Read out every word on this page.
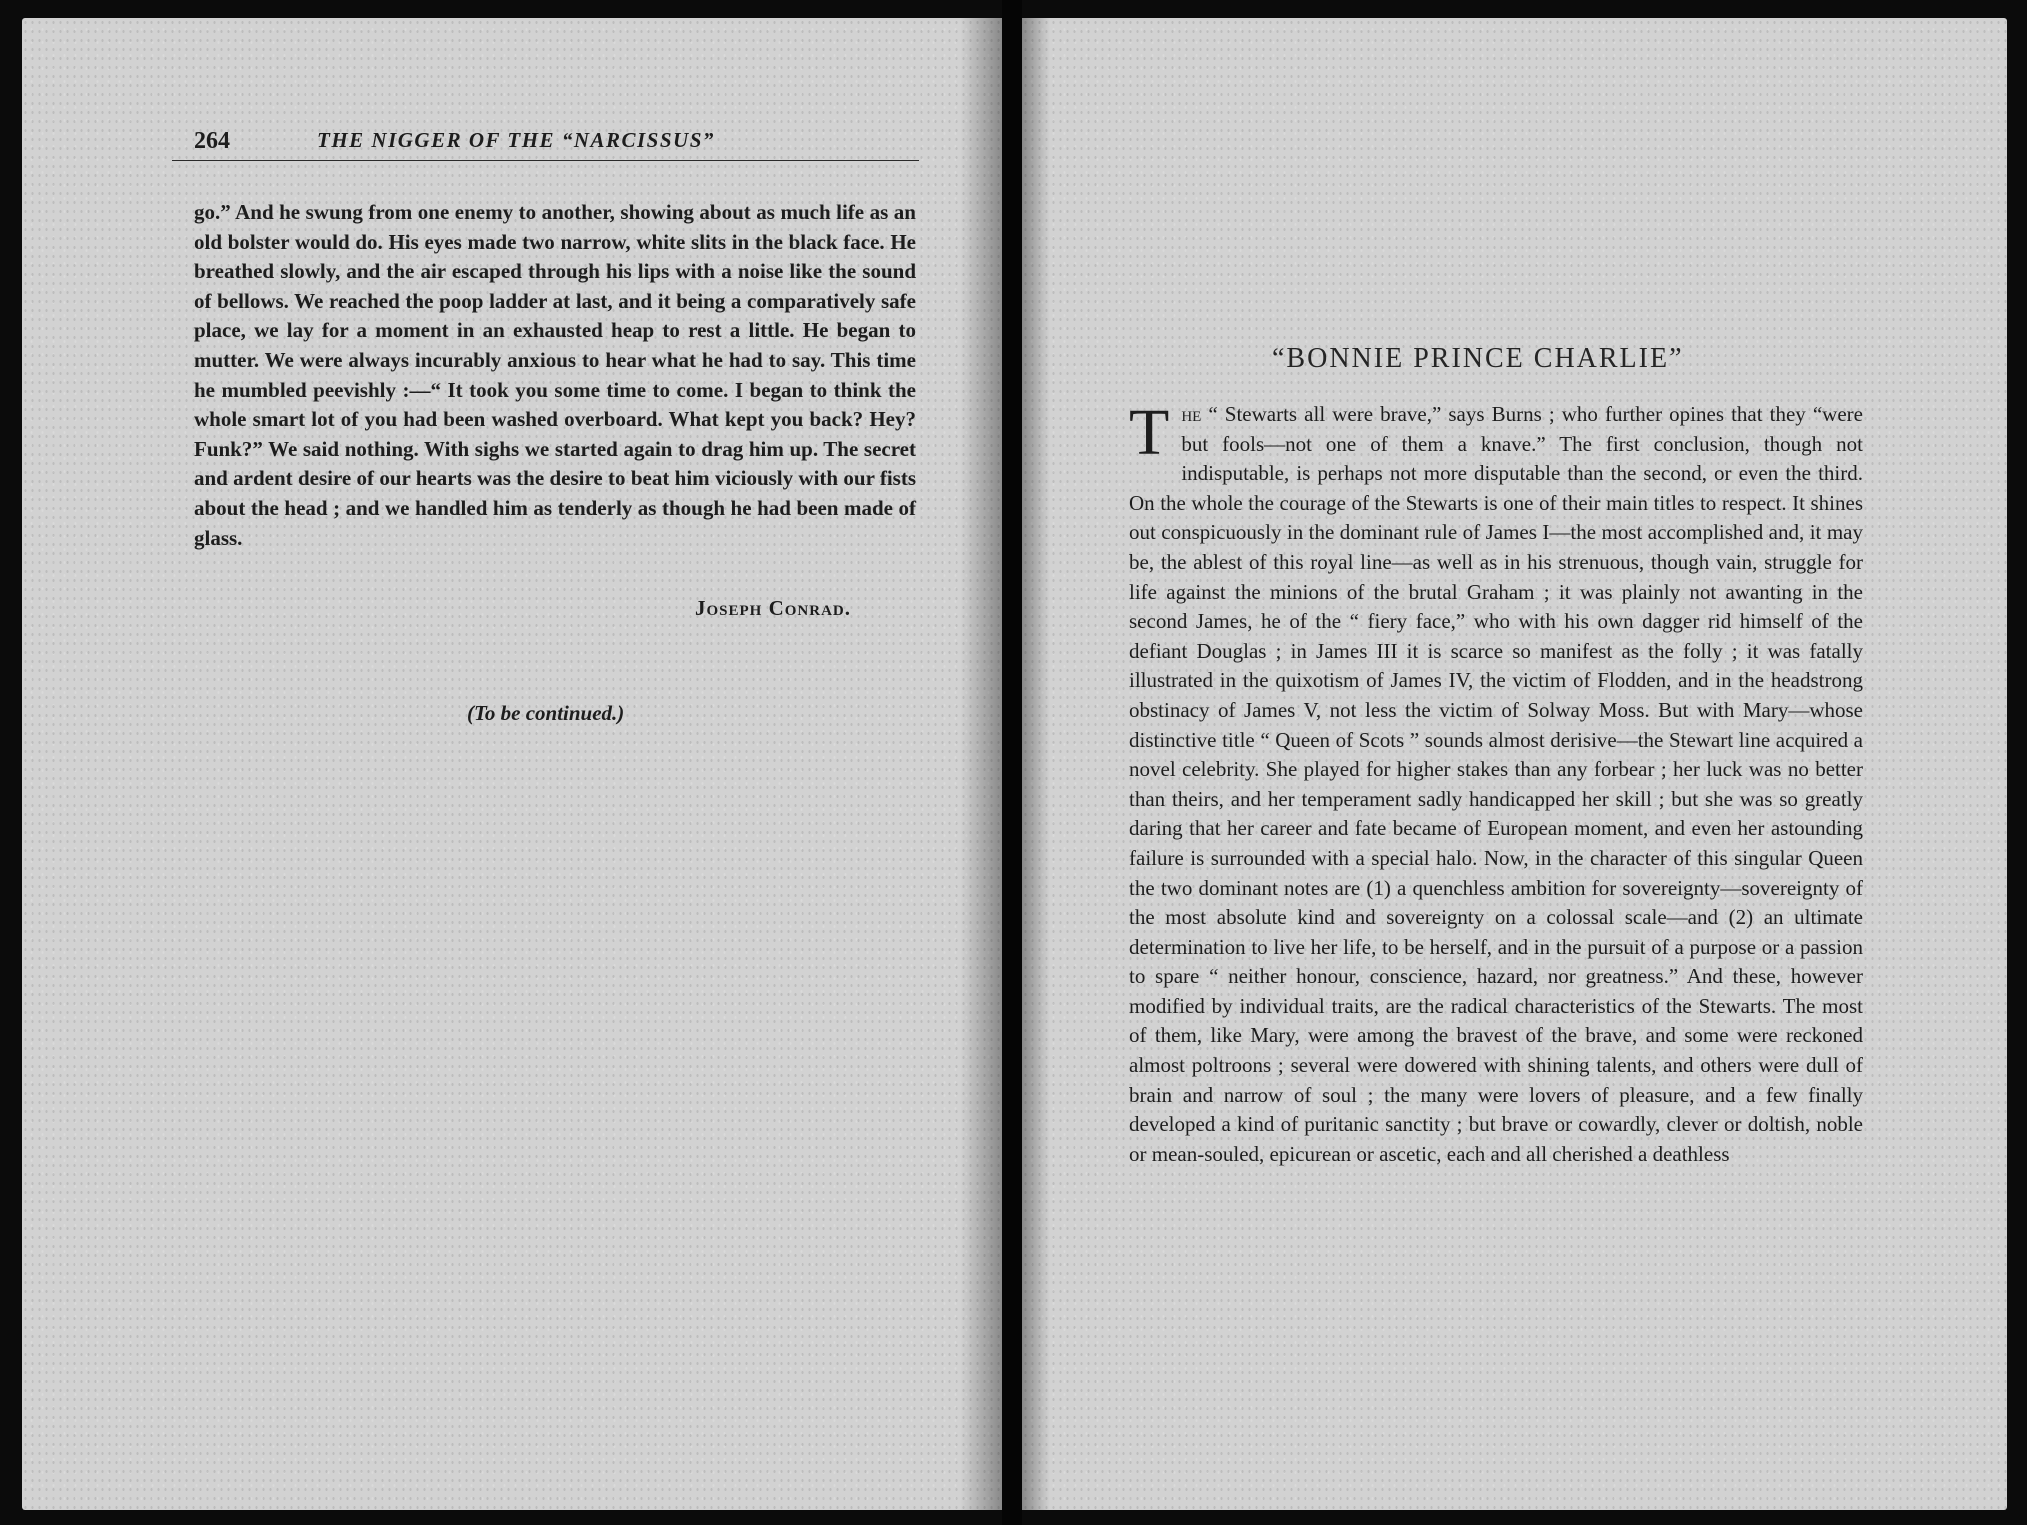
264	THE NIGGER OF THE “NARCISSUS”

go.” And he swung from one enemy to another, showing about as much life as an old bolster would do. His eyes made two narrow, white slits in the black face. He breathed slowly, and the air escaped through his lips with a noise like the sound of bellows. We reached the poop ladder at last, and it being a comparatively safe place, we lay for a moment in an exhausted heap to rest a little. He began to mutter. We were always incurably anxious to hear what he had to say. This time he mumbled peevishly :—“ It took you some time to come. I began to think the whole smart lot of you had been washed overboard. What kept you back? Hey? Funk?” We said nothing. With sighs we started again to drag him up. The secret and ardent desire of our hearts was the desire to beat him viciously with our fists about the head ; and we handled him as tenderly as though he had been made of glass.

Joseph Conrad.
(To be continued.)
“BONNIE PRINCE CHARLIE”

The “ Stewarts all were brave,” says Burns ; who further opines that they “were but fools—not one of them a knave.” The first conclusion, though not indisputable, is perhaps not more disputable than the second, or even the third. On the whole the courage of the Stewarts is one of their main titles to respect. It shines out conspicuously in the dominant rule of James I—the most accomplished and, it may be, the ablest of this royal line—as well as in his strenuous, though vain, struggle for life against the minions of the brutal Graham ; it was plainly not awanting in the second James, he of the “ fiery face,” who with his own dagger rid himself of the defiant Douglas ; in James III it is scarce so manifest as the folly ; it was fatally illustrated in the quixotism of James IV, the victim of Flodden, and in the headstrong obstinacy of James V, not less the victim of Solway Moss. But with Mary—whose distinctive title “ Queen of Scots ” sounds almost derisive—the Stewart line acquired a novel celebrity. She played for higher stakes than any forbear ; her luck was no better than theirs, and her temperament sadly handicapped her skill ; but she was so greatly daring that her career and fate became of European moment, and even her astounding failure is surrounded with a special halo. Now, in the character of this singular Queen the two dominant notes are (1) a quenchless ambition for sovereignty—sovereignty of the most absolute kind and sovereignty on a colossal scale—and (2) an ultimate determination to live her life, to be herself, and in the pursuit of a purpose or a passion to spare “ neither honour, conscience, hazard, nor greatness.” And these, however modified by individual traits, are the radical characteristics of the Stewarts. The most of them, like Mary, were among the bravest of the brave, and some were reckoned almost poltroons ; several were dowered with shining talents, and others were dull of brain and narrow of soul ; the many were lovers of pleasure, and a few finally developed a kind of puritanic sanctity ; but brave or cowardly, clever or doltish, noble or mean-souled, epicurean or ascetic, each and all cherished a deathless
